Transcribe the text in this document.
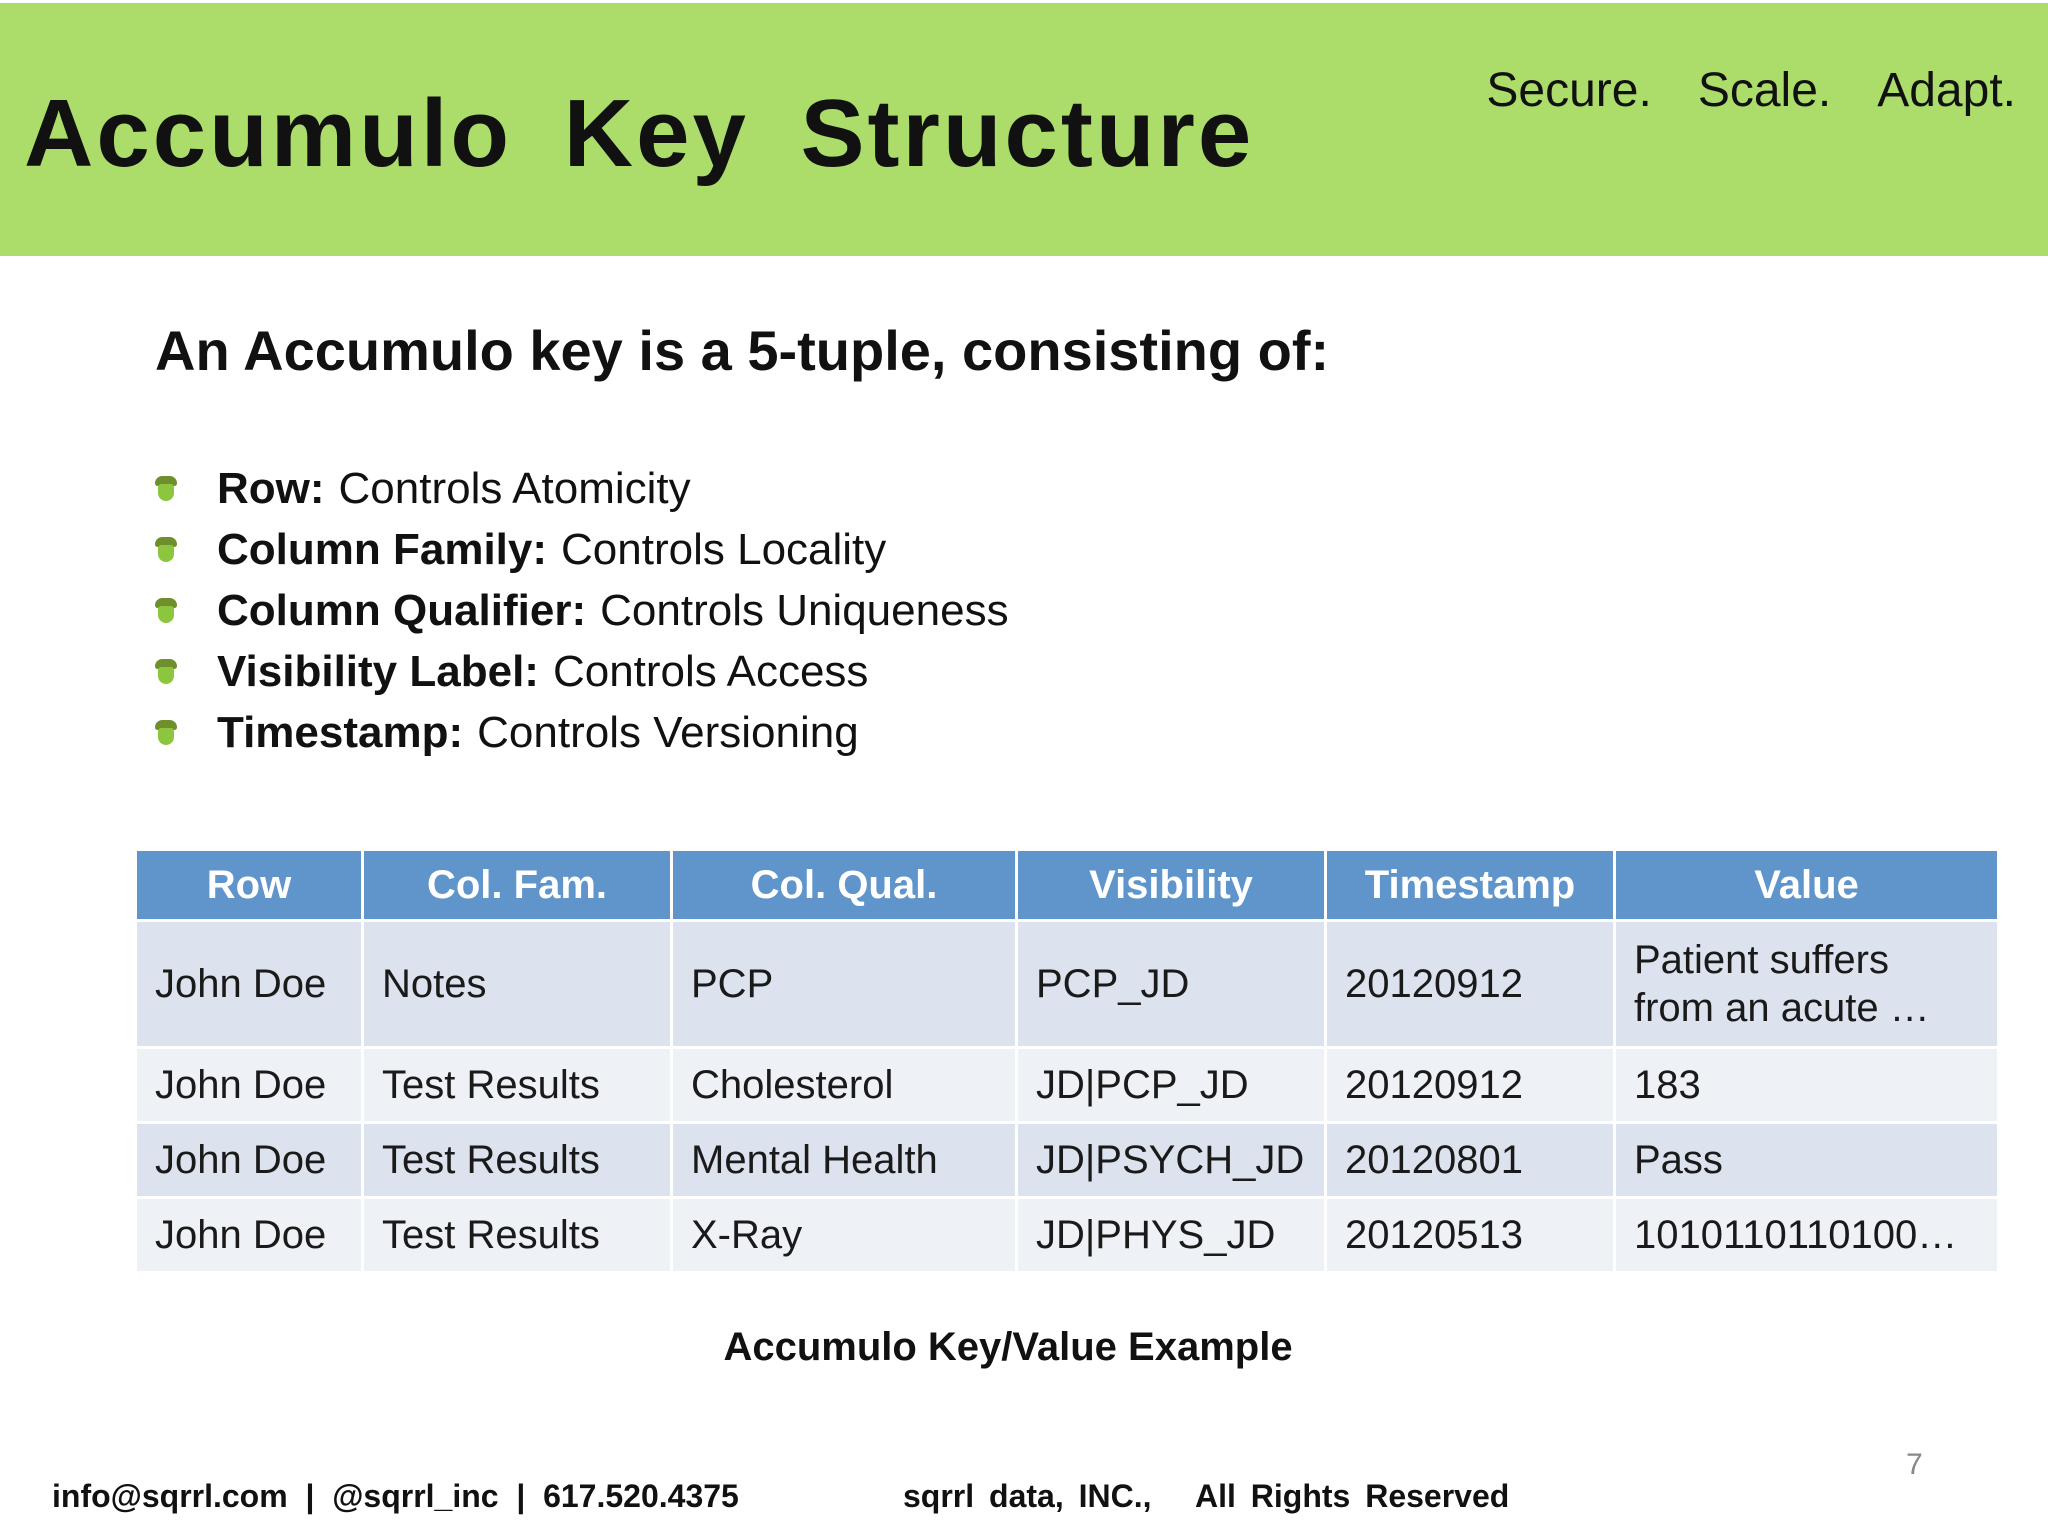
Accumulo Key Structure	Secure. Scale. Adapt.
An Accumulo key is a 5-tuple, consisting of:
Row: Controls Atomicity
Column Family: Controls Locality
Column Qualifier: Controls Uniqueness
Visibility Label: Controls Access
Timestamp: Controls Versioning
Row	Col. Fam.	Col. Qual.	Visibility	Timestamp	Value
John Doe	Notes	PCP	PCP_JD	20120912	Patient suffers
from an acute …
John Doe	Test Results	Cholesterol	JD|PCP_JD	20120912	183
John Doe	Test Results	Mental Health	JD|PSYCH_JD	20120801	Pass
John Doe	Test Results	X-Ray	JD|PHYS_JD	20120513	1010110110100…
Accumulo Key/Value Example
7
info@sqrrl.com  |  @sqrrl_inc  |  617.520.4375	sqrrl data, INC.,   All Rights Reserved
